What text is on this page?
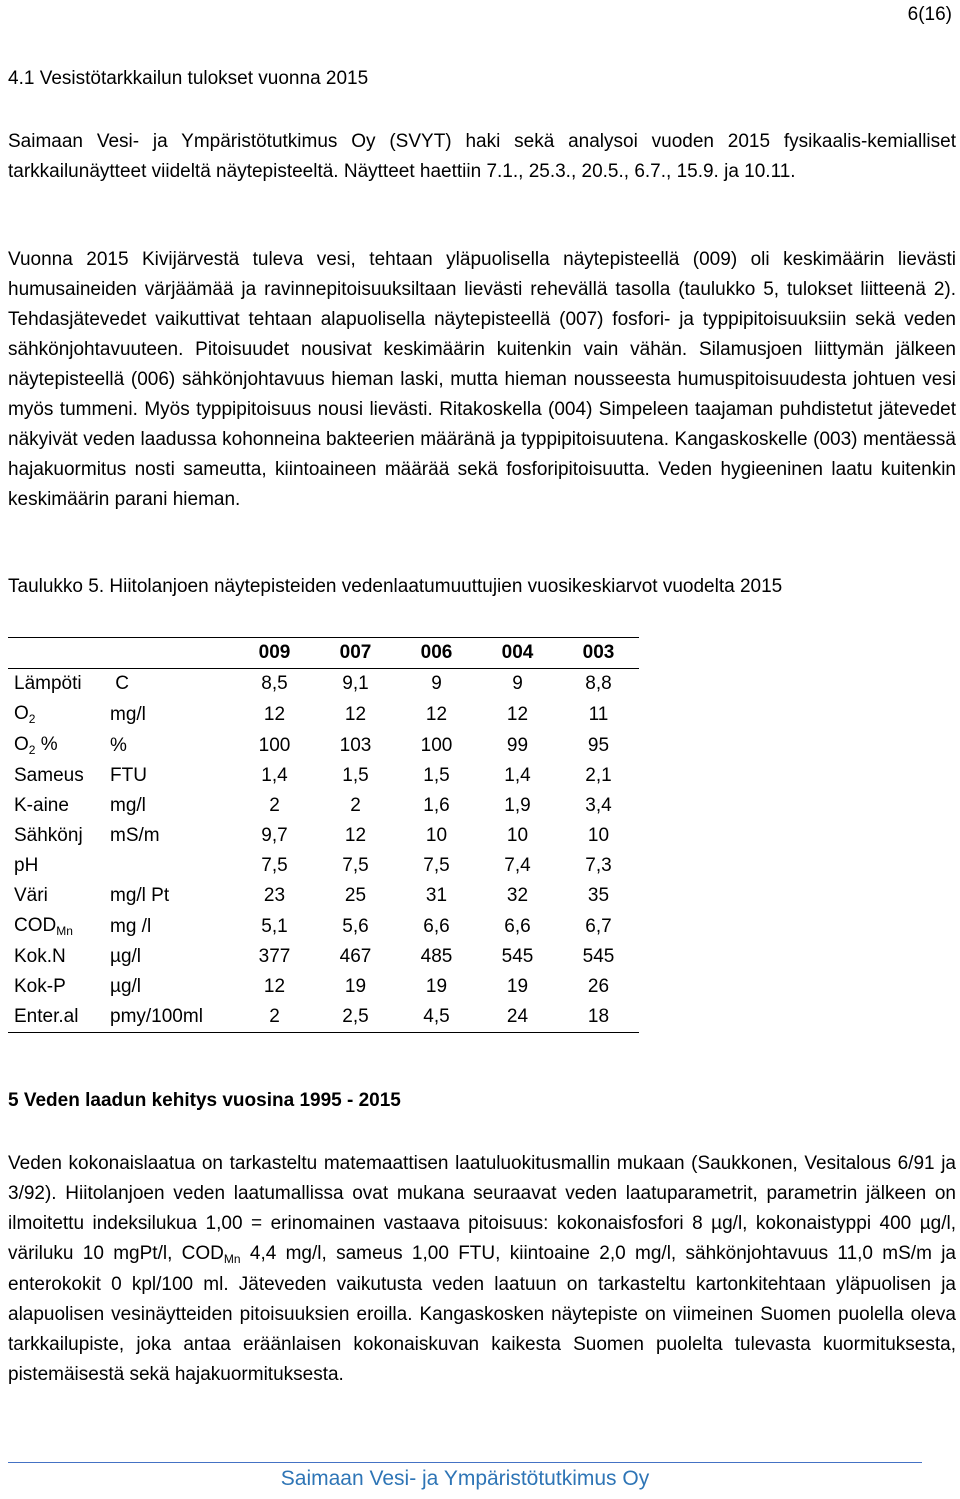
6(16)
4.1 Vesistötarkkailun tulokset vuonna 2015

Saimaan Vesi- ja Ympäristötutkimus Oy (SVYT) haki sekä analysoi vuoden 2015 fysikaalis-kemialliset tarkkailunäytteet viideltä näytepisteeltä. Näytteet haettiin 7.1., 25.3., 20.5., 6.7., 15.9. ja 10.11.

Vuonna 2015 Kivijärvestä tuleva vesi, tehtaan yläpuolisella näytepisteellä (009) oli keskimäärin lievästi humusaineiden värjäämää ja ravinnepitoisuuksiltaan lievästi rehevällä tasolla (taulukko 5, tulokset liitteenä 2). Tehdasjätevedet vaikuttivat tehtaan alapuolisella näytepisteellä (007) fosfori- ja typpipitoisuuksiin sekä veden sähkönjohtavuuteen. Pitoisuudet nousivat keskimäärin kuitenkin vain vähän. Silamusjoen liittymän jälkeen näytepisteellä (006) sähkönjohtavuus hieman laski, mutta hieman nousseesta humuspitoisuudesta johtuen vesi myös tummeni. Myös typpipitoisuus nousi lievästi. Ritakoskella (004) Simpeleen taajaman puhdistetut jätevedet näkyivät veden laadussa kohonneina bakteerien määränä ja typpipitoisuutena. Kangaskoskelle (003) mentäessä hajakuormitus nosti sameutta, kiintoaineen määrää sekä fosforipitoisuutta. Veden hygieeninen laatu kuitenkin keskimäärin parani hieman.

Taulukko 5. Hiitolanjoen näytepisteiden vedenlaatumuuttujien vuosikeskiarvot vuodelta 2015

		009	007	006	004	003
Lämpöti	C	8,5	9,1	9	9	8,8
$O_2$	mg/l	12	12	12	12	11
$O_2$ %	%	100	103	100	99	95
Sameus	FTU	1,4	1,5	1,5	1,4	2,1
K-aine	mg/l	2	2	1,6	1,9	3,4
Sähkönj	mS/m	9,7	12	10	10	10
pH		7,5	7,5	7,5	7,4	7,3
Väri	mg/l Pt	23	25	31	32	35
$COD_{Mn}$	mg /l	5,1	5,6	6,6	6,6	6,7
Kok.N	µg/l	377	467	485	545	545
Kok-P	µg/l	12	19	19	19	26
Enter.al	pmy/100ml	2	2,5	4,5	24	18
5 Veden laadun kehitys vuosina 1995 - 2015

Veden kokonaislaatua on tarkasteltu matemaattisen laatuluokitusmallin mukaan (Saukkonen, Vesitalous 6/91 ja 3/92). Hiitolanjoen veden laatumallissa ovat mukana seuraavat veden laatuparametrit, parametrin jälkeen on ilmoitettu indeksilukua 1,00 = erinomainen vastaava pitoisuus: kokonaisfosfori 8 µg/l, kokonaistyppi 400 µg/l, väriluku 10 mgPt/l, $COD_{Mn}$ 4,4 mg/l, sameus 1,00 FTU, kiintoaine 2,0 mg/l, sähkönjohtavuus 11,0 mS/m ja enterokokit 0 kpl/100 ml. Jäteveden vaikutusta veden laatuun on tarkasteltu kartonkitehtaan yläpuolisen ja alapuolisen vesinäytteiden pitoisuuksien eroilla. Kangaskosken näytepiste on viimeinen Suomen puolella oleva tarkkailupiste, joka antaa eräänlaisen kokonaiskuvan kaikesta Suomen puolelta tulevasta kuormituksesta, pistemäisestä sekä hajakuormituksesta.

Saimaan Vesi- ja Ympäristötutkimus Oy
